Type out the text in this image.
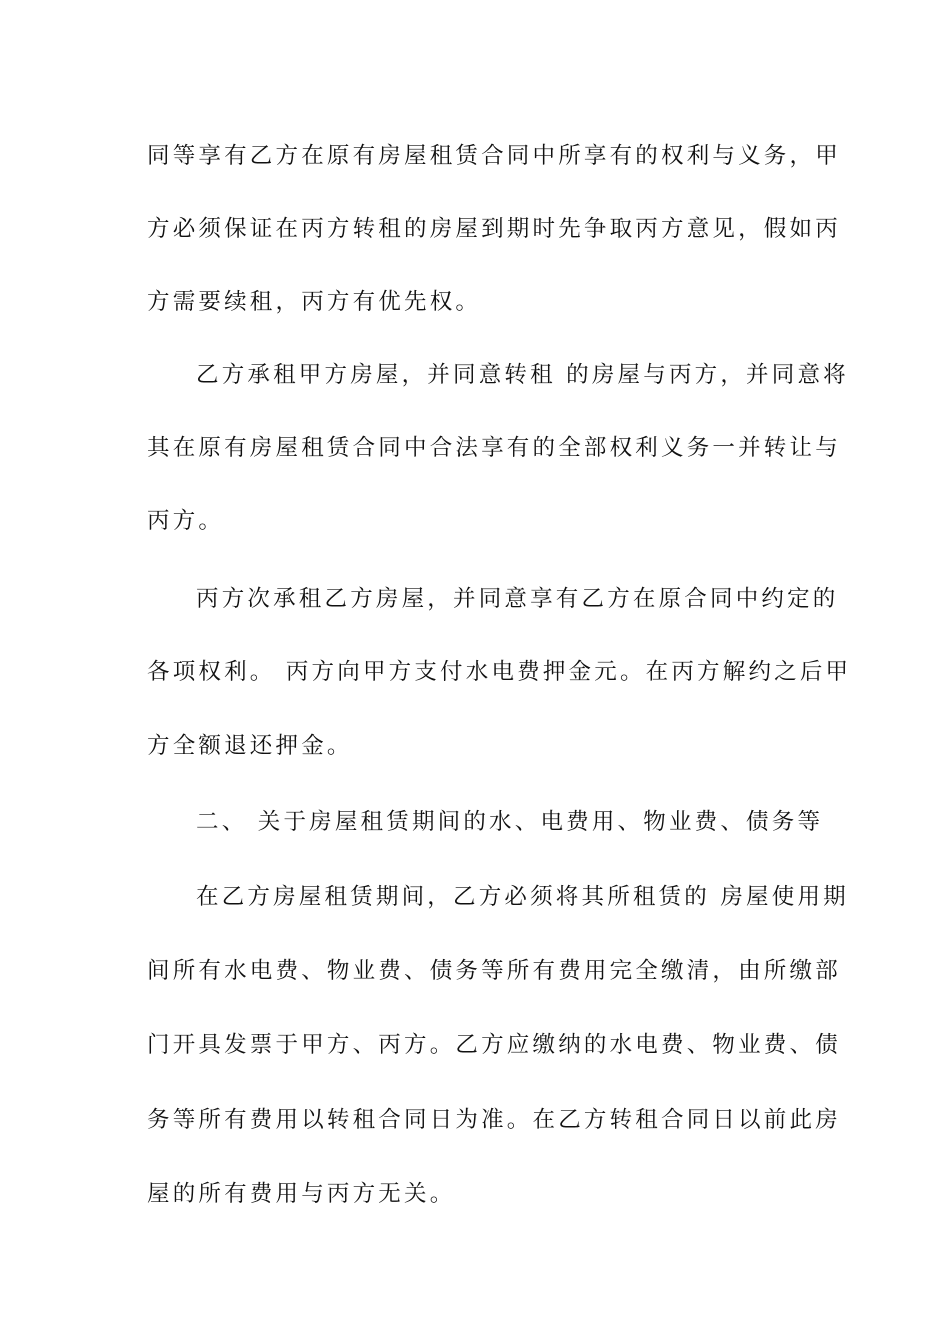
同等享有乙方在原有房屋租赁合同中所享有的权利与义务，甲
方必须保证在丙方转租的房屋到期时先争取丙方意见，假如丙
方需要续租，丙方有优先权。
乙方承租甲方房屋，并同意转租 的房屋与丙方，并同意将
其在原有房屋租赁合同中合法享有的全部权利义务一并转让与
丙方。
丙方次承租乙方房屋，并同意享有乙方在原合同中约定的
各项权利。 丙方向甲方支付水电费押金元。在丙方解约之后甲
方全额退还押金。
二、 关于房屋租赁期间的水、电费用、物业费、债务等
在乙方房屋租赁期间，乙方必须将其所租赁的 房屋使用期
间所有水电费、物业费、债务等所有费用完全缴清，由所缴部
门开具发票于甲方、丙方。乙方应缴纳的水电费、物业费、债
务等所有费用以转租合同日为准。在乙方转租合同日以前此房
屋的所有费用与丙方无关。
